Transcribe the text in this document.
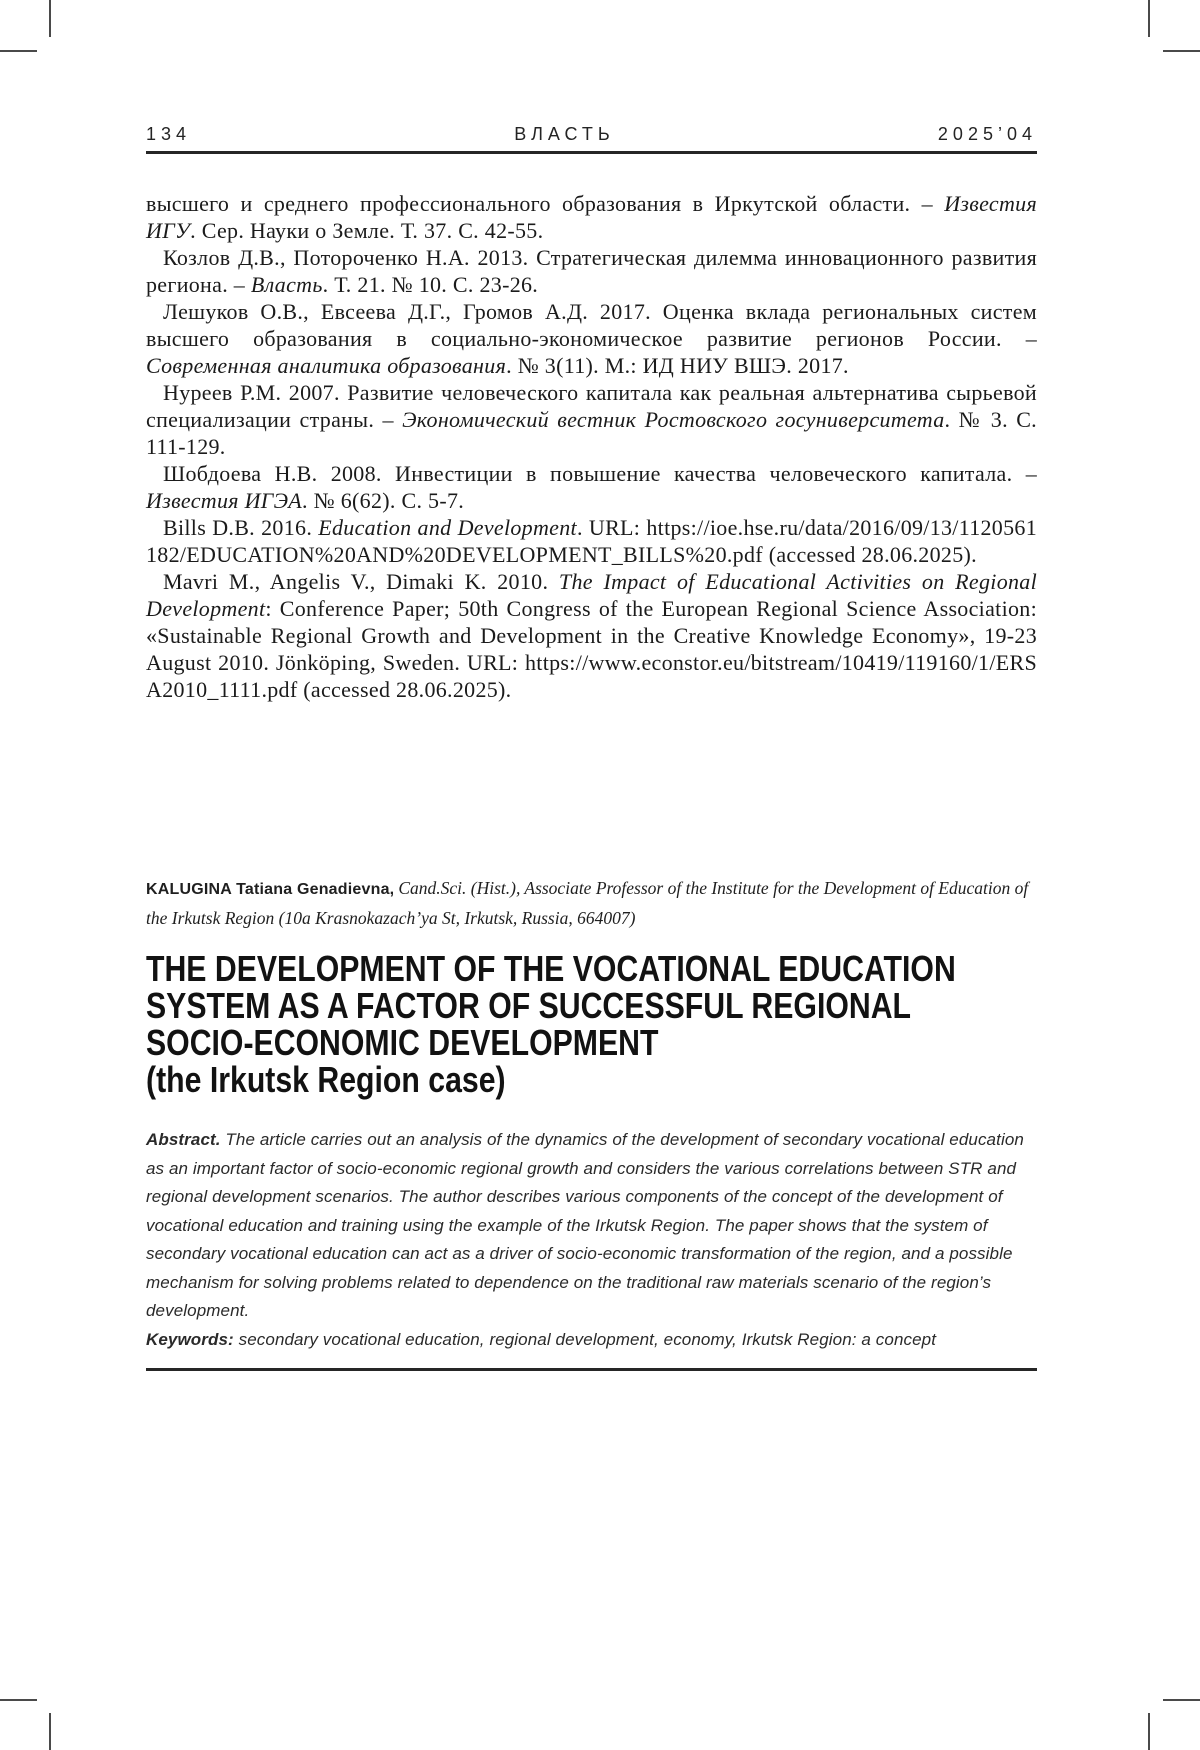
134	ВЛАСТЬ	2025’04

высшего и среднего профессионального образования в Иркутской области. – Известия ИГУ. Сер. Науки о Земле. Т. 37. С. 42-55.

Козлов Д.В., Потороченко Н.А. 2013. Стратегическая дилемма инновационного развития региона. – Власть. Т. 21. № 10. С. 23-26.

Лешуков О.В., Евсеева Д.Г., Громов А.Д. 2017. Оценка вклада региональных систем высшего образования в социально-экономическое развитие регионов России. – Современная аналитика образования. № 3(11). М.: ИД НИУ ВШЭ. 2017.

Нуреев Р.М. 2007. Развитие человеческого капитала как реальная альтернатива сырьевой специализации страны. – Экономический вестник Ростовского госуниверситета. № 3. С. 111-129.

Шобдоева Н.В. 2008. Инвестиции в повышение качества человеческого капитала. – Известия ИГЭА. № 6(62). С. 5-7.

Bills D.B. 2016. Education and Development. URL: https://ioe.hse.ru/data/2016/09/13/1120561182/EDUCATION%20AND%20DEVELOPMENT_BILLS%20.pdf (accessed 28.06.2025).

Mavri M., Angelis V., Dimaki K. 2010. The Impact of Educational Activities on Regional Development: Conference Paper; 50th Congress of the European Regional Science Association: «Sustainable Regional Growth and Development in the Creative Knowledge Economy», 19-23 August 2010. Jönköping, Sweden. URL: https://www.econstor.eu/bitstream/10419/119160/1/ERSA2010_1111.pdf (accessed 28.06.2025).

KALUGINA Tatiana Genadievna, Cand.Sci. (Hist.), Associate Professor of the Institute for the Development of Education of the Irkutsk Region (10a Krasnokazach’ya St, Irkutsk, Russia, 664007)

THE DEVELOPMENT OF THE VOCATIONAL EDUCATION
SYSTEM AS A FACTOR OF SUCCESSFUL REGIONAL
SOCIO-ECONOMIC DEVELOPMENT
(the Irkutsk Region case)

Abstract. The article carries out an analysis of the dynamics of the development of secondary vocational education as an important factor of socio-economic regional growth and considers the various correlations between STR and regional development scenarios. The author describes various components of the concept of the development of vocational education and training using the example of the Irkutsk Region. The paper shows that the system of secondary vocational education can act as a driver of socio-economic transformation of the region, and a possible mechanism for solving problems related to dependence on the traditional raw materials scenario of the region’s development.

Keywords: secondary vocational education, regional development, economy, Irkutsk Region: a concept
